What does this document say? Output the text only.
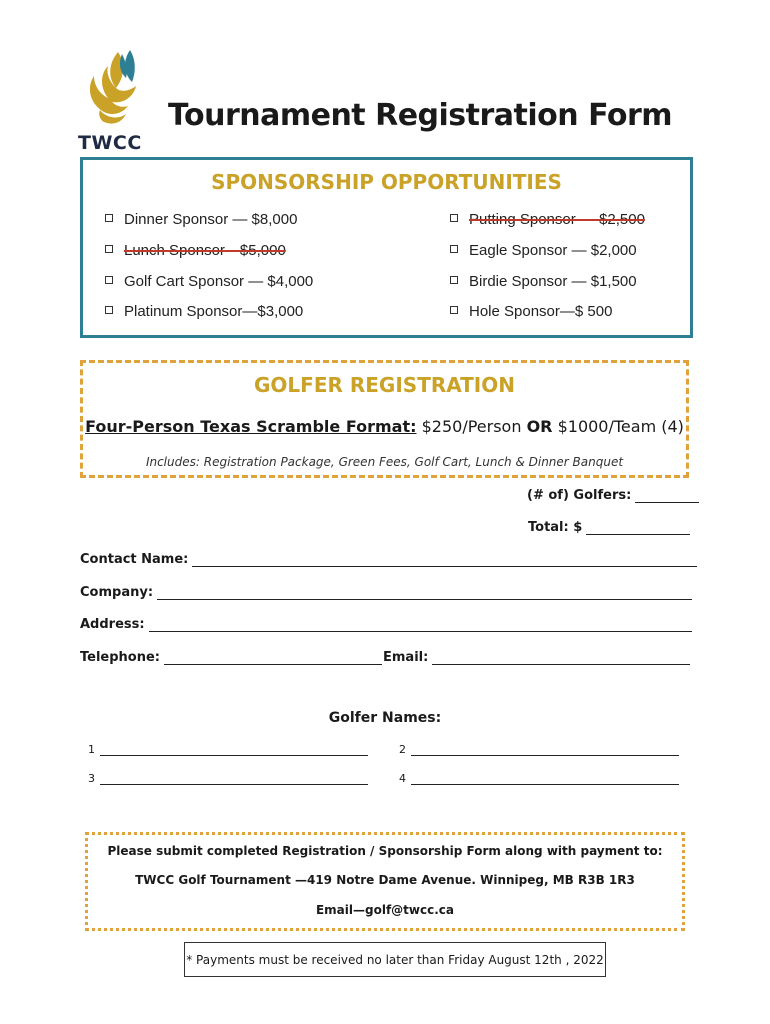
TWCC
Tournament Registration Form
SPONSORSHIP OPPORTUNITIES
Dinner Sponsor — $8,000	Putting Sponsor — $2,500
Lunch Sponsor—$5,000	Eagle Sponsor — $2,000
Golf Cart Sponsor — $4,000	Birdie Sponsor — $1,500
Platinum Sponsor—$3,000	Hole Sponsor—$ 500
GOLFER REGISTRATION
Four-Person Texas Scramble Format: $250/Person OR $1000/Team (4)
Includes: Registration Package, Green Fees, Golf Cart, Lunch & Dinner Banquet
(# of) Golfers:
Total: $
Contact Name:
Company:
Address:
Telephone:	Email:
Golfer Names:
1	2
3	4
Please submit completed Registration / Sponsorship Form along with payment to:
TWCC Golf Tournament —419 Notre Dame Avenue. Winnipeg, MB R3B 1R3
Email—golf@twcc.ca
* Payments must be received no later than Friday August 12th , 2022
